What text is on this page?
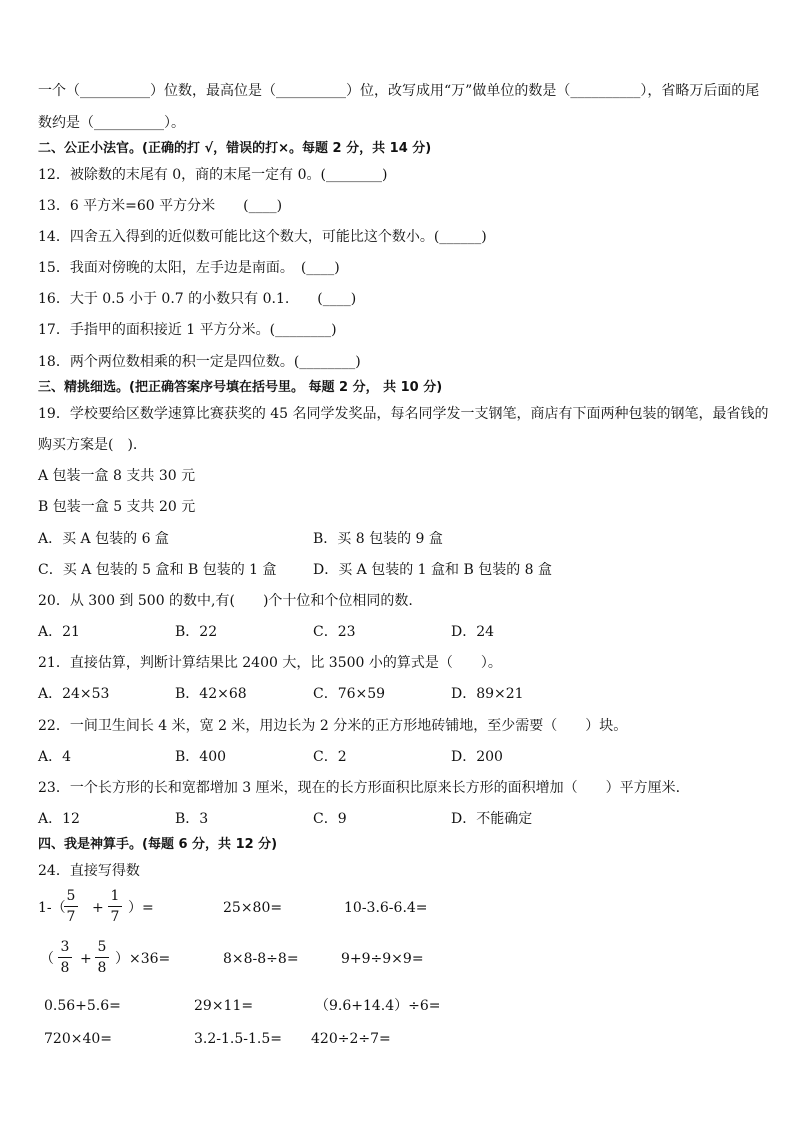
一个（__________）位数，最高位是（__________）位，改写成用“万”做单位的数是（__________），省略万后面的尾
数约是（__________）。
二、公正小法官。(正确的打 √，错误的打×。每题 2 分，共 14 分)
12．被除数的末尾有 0，商的末尾一定有 0。(________)
13．6 平方米=60 平方分米　　(____)
14．四舍五入得到的近似数可能比这个数大，可能比这个数小。(______)
15．我面对傍晚的太阳，左手边是南面。　(____)
16．大于 0.5 小于 0.7 的小数只有 0.1.　　(____)
17．手指甲的面积接近 1 平方分米。(________)
18．两个两位数相乘的积一定是四位数。(________)
三、精挑细选。(把正确答案序号填在括号里。 每题 2 分， 共 10 分)
19．学校要给区数学速算比赛获奖的 45 名同学发奖品，每名同学发一支钢笔，商店有下面两种包装的钢笔，最省钱的
购买方案是(　).
A 包装一盒 8 支共 30 元
B 包装一盒 5 支共 20 元
A．买 A 包装的 6 盒	B．买 8 包装的 9 盒
C．买 A 包装的 5 盒和 B 包装的 1 盒	D．买 A 包装的 1 盒和 B 包装的 8 盒
20．从 300 到 500 的数中,有(　　)个十位和个位相同的数.
A．21	B．22	C．23	D．24
21．直接估算，判断计算结果比 2400 大，比 3500 小的算式是（　　）。
A．24×53	B．42×68	C．76×59	D．89×21
22．一间卫生间长 4 米，宽 2 米，用边长为 2 分米的正方形地砖铺地，至少需要（　　）块。
A．4	B．400	C．2	D．200
23．一个长方形的长和宽都增加 3 厘米，现在的长方形面积比原来长方形的面积增加（　　）平方厘米.
A．12	B．3	C．9	D．不能确定
四、我是神算手。(每题 6 分，共 12 分)
24．直接写得数
1-（
5
7
+
1
7
）=	25×80=	10-3.6-6.4=
（
3
8
+
5
8
）×36=	8×8-8÷8=	9+9÷9×9=
0.56+5.6=	29×11=	（9.6+14.4）÷6=
720×40=	3.2-1.5-1.5= 420÷2÷7=
